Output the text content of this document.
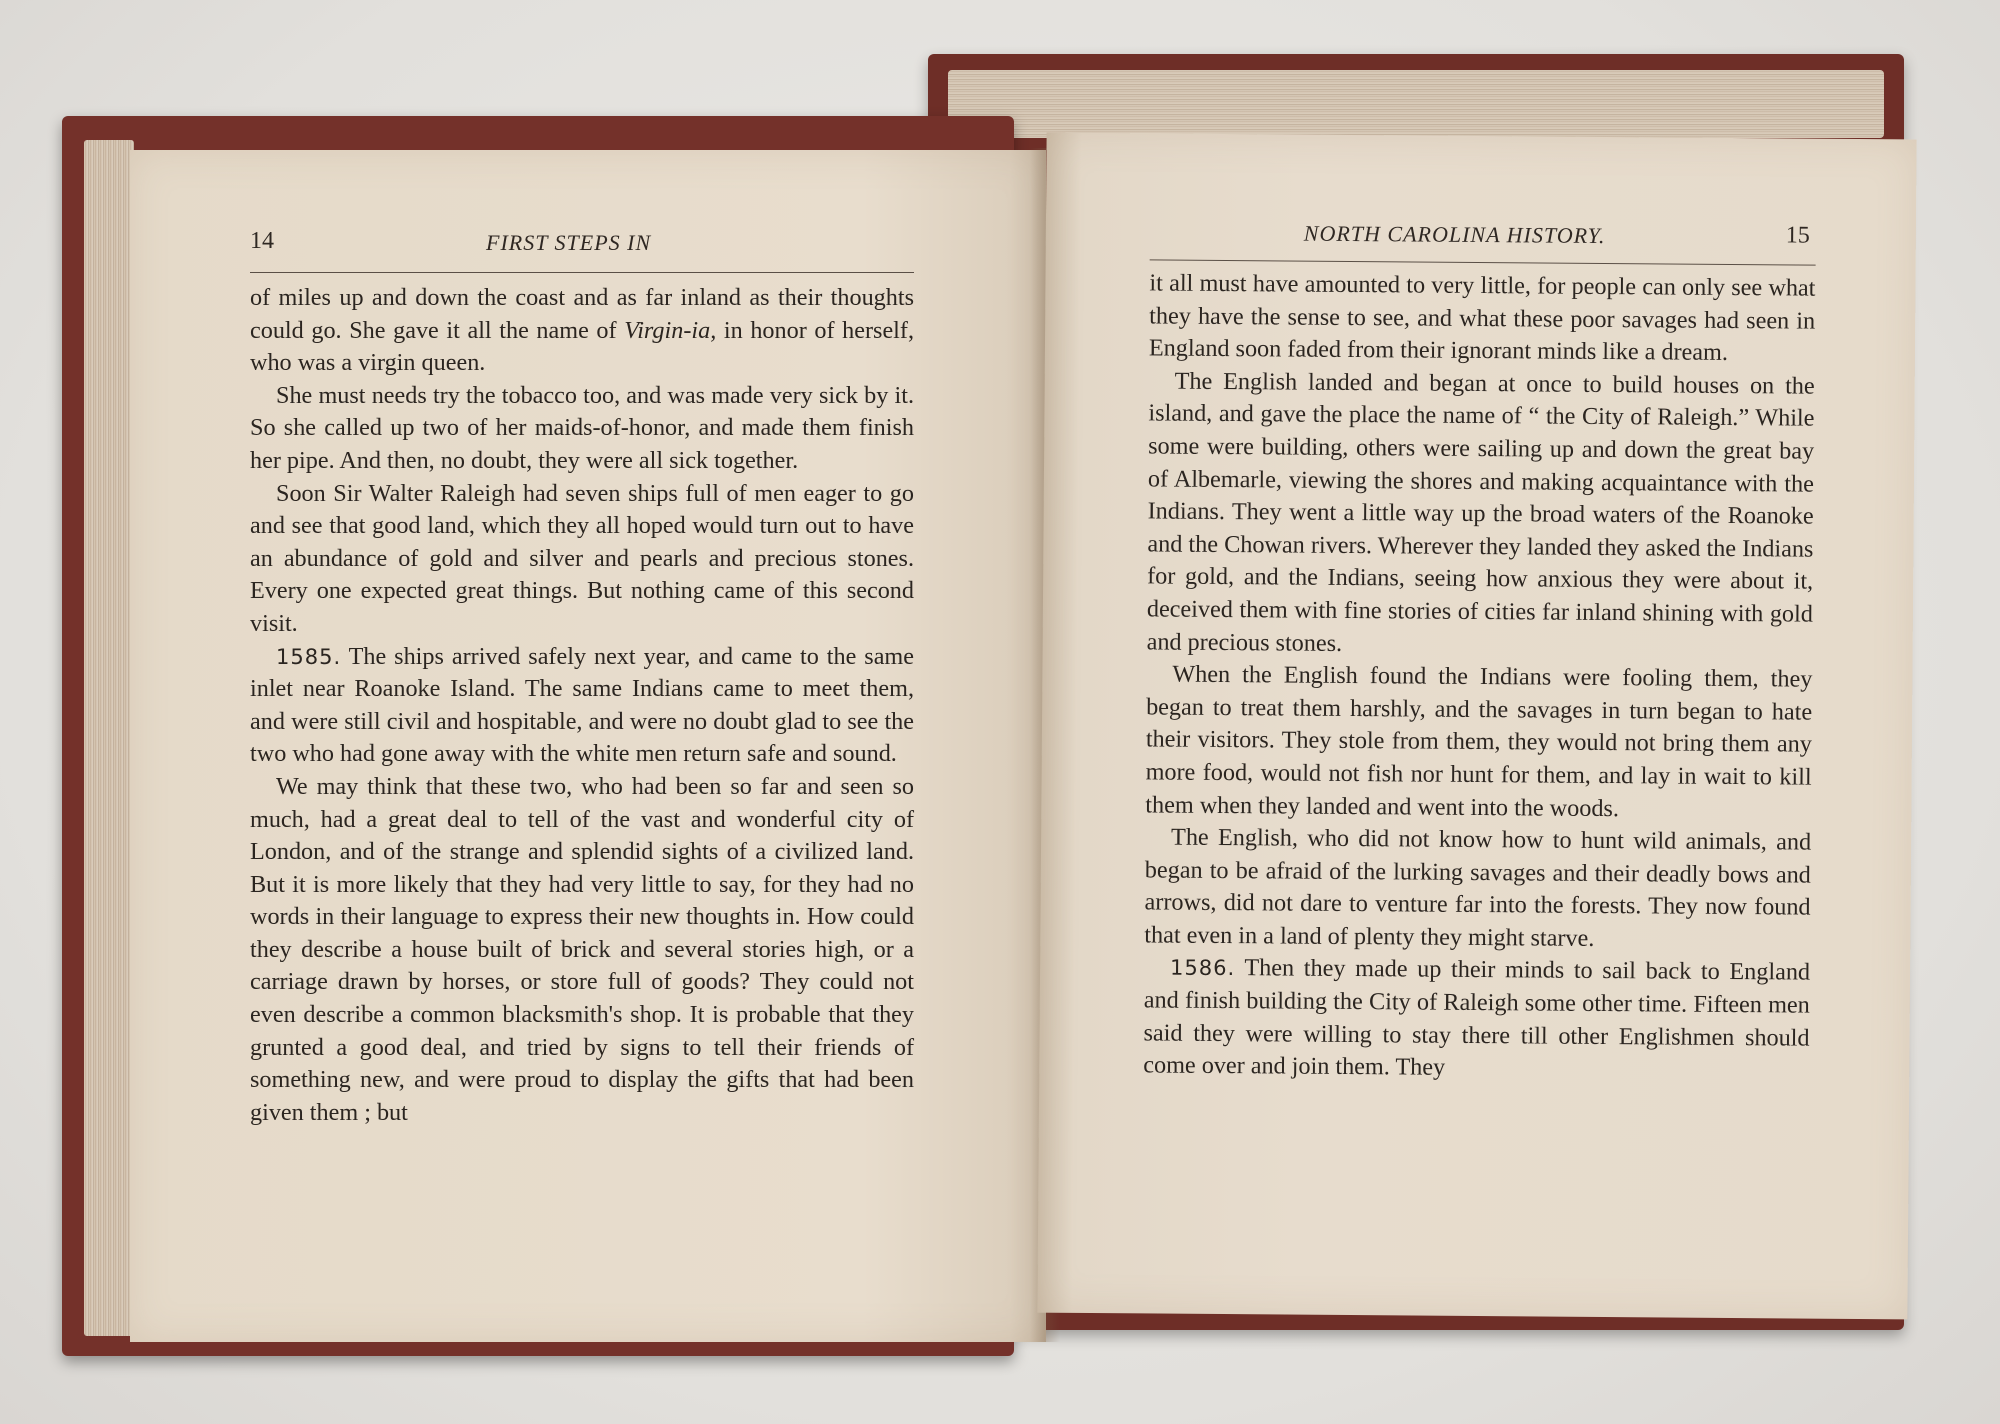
14	FIRST STEPS IN

of miles up and down the coast and as far inland as their thoughts could go. She gave it all the name of Virgin-ia, in honor of herself, who was a virgin queen.

She must needs try the tobacco too, and was made very sick by it. So she called up two of her maids-of-honor, and made them finish her pipe. And then, no doubt, they were all sick together.

Soon Sir Walter Raleigh had seven ships full of men eager to go and see that good land, which they all hoped would turn out to have an abundance of gold and silver and pearls and precious stones. Every one expected great things. But nothing came of this second visit.

1585. The ships arrived safely next year, and came to the same inlet near Roanoke Island. The same Indians came to meet them, and were still civil and hospitable, and were no doubt glad to see the two who had gone away with the white men return safe and sound.

We may think that these two, who had been so far and seen so much, had a great deal to tell of the vast and wonderful city of London, and of the strange and splendid sights of a civilized land. But it is more likely that they had very little to say, for they had no words in their language to express their new thoughts in. How could they describe a house built of brick and several stories high, or a carriage drawn by horses, or store full of goods? They could not even describe a common blacksmith's shop. It is probable that they grunted a good deal, and tried by signs to tell their friends of something new, and were proud to display the gifts that had been given them ; but

NORTH CAROLINA HISTORY.	15

it all must have amounted to very little, for people can only see what they have the sense to see, and what these poor savages had seen in England soon faded from their ignorant minds like a dream.

The English landed and began at once to build houses on the island, and gave the place the name of “ the City of Raleigh.” While some were building, others were sailing up and down the great bay of Albemarle, viewing the shores and making acquaintance with the Indians. They went a little way up the broad waters of the Roanoke and the Chowan rivers. Wherever they landed they asked the Indians for gold, and the Indians, seeing how anxious they were about it, deceived them with fine stories of cities far inland shining with gold and precious stones.

When the English found the Indians were fooling them, they began to treat them harshly, and the savages in turn began to hate their visitors. They stole from them, they would not bring them any more food, would not fish nor hunt for them, and lay in wait to kill them when they landed and went into the woods.

The English, who did not know how to hunt wild animals, and began to be afraid of the lurking savages and their deadly bows and arrows, did not dare to venture far into the forests. They now found that even in a land of plenty they might starve.

1586. Then they made up their minds to sail back to England and finish building the City of Raleigh some other time. Fifteen men said they were willing to stay there till other Englishmen should come over and join them. They
